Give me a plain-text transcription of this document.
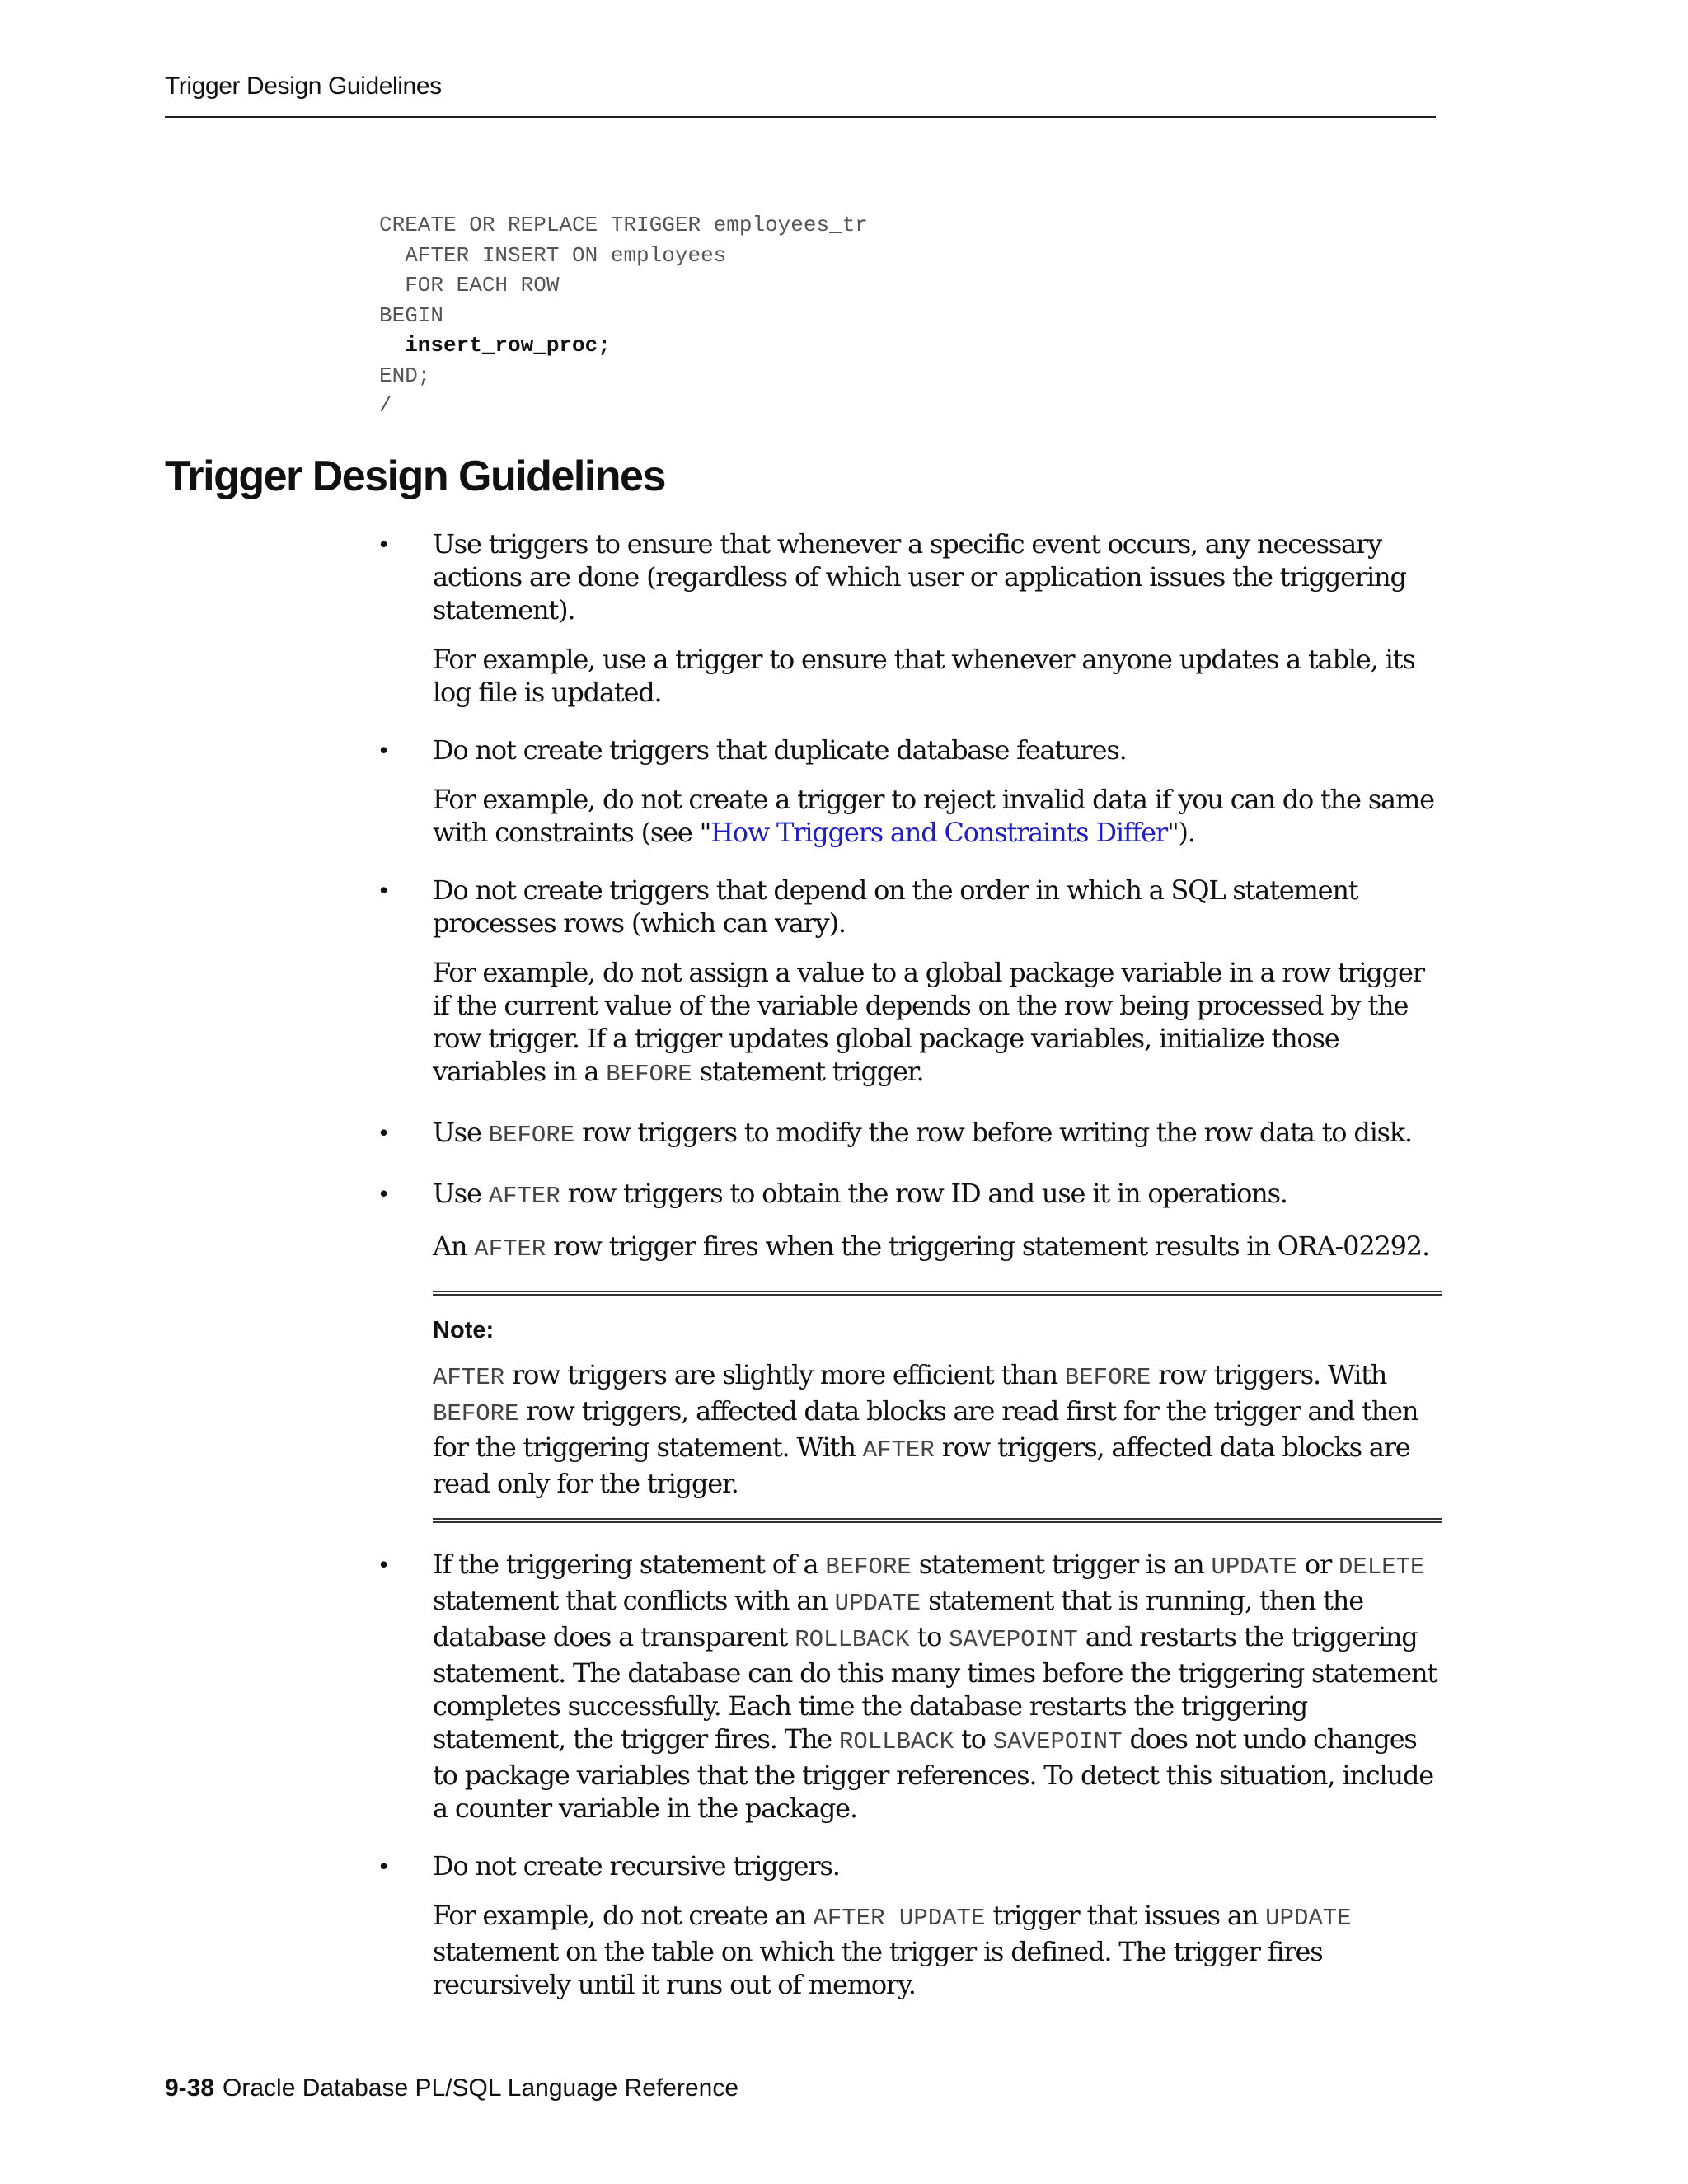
Trigger Design Guidelines
CREATE OR REPLACE TRIGGER employees_tr
AFTER INSERT ON employees
FOR EACH ROW
BEGIN
insert_row_proc;
END;
/
Trigger Design Guidelines
• Use triggers to ensure that whenever a specific event occurs, any necessary actions are done (regardless of which user or application issues the triggering statement).

For example, use a trigger to ensure that whenever anyone updates a table, its log file is updated.

• Do not create triggers that duplicate database features.

For example, do not create a trigger to reject invalid data if you can do the same with constraints (see "How Triggers and Constraints Differ").

• Do not create triggers that depend on the order in which a SQL statement processes rows (which can vary).

For example, do not assign a value to a global package variable in a row trigger if the current value of the variable depends on the row being processed by the row trigger. If a trigger updates global package variables, initialize those variables in a BEFORE statement trigger.

• Use BEFORE row triggers to modify the row before writing the row data to disk.

• Use AFTER row triggers to obtain the row ID and use it in operations.

An AFTER row trigger fires when the triggering statement results in ORA-02292.

Note:

AFTER row triggers are slightly more efficient than BEFORE row triggers. With BEFORE row triggers, affected data blocks are read first for the trigger and then for the triggering statement. With AFTER row triggers, affected data blocks are read only for the trigger.

• If the triggering statement of a BEFORE statement trigger is an UPDATE or DELETE statement that conflicts with an UPDATE statement that is running, then the database does a transparent ROLLBACK to SAVEPOINT and restarts the triggering statement. The database can do this many times before the triggering statement completes successfully. Each time the database restarts the triggering statement, the trigger fires. The ROLLBACK to SAVEPOINT does not undo changes to package variables that the trigger references. To detect this situation, include a counter variable in the package.

• Do not create recursive triggers.

For example, do not create an AFTER UPDATE trigger that issues an UPDATE statement on the table on which the trigger is defined. The trigger fires recursively until it runs out of memory.

9-38 Oracle Database PL/SQL Language Reference
